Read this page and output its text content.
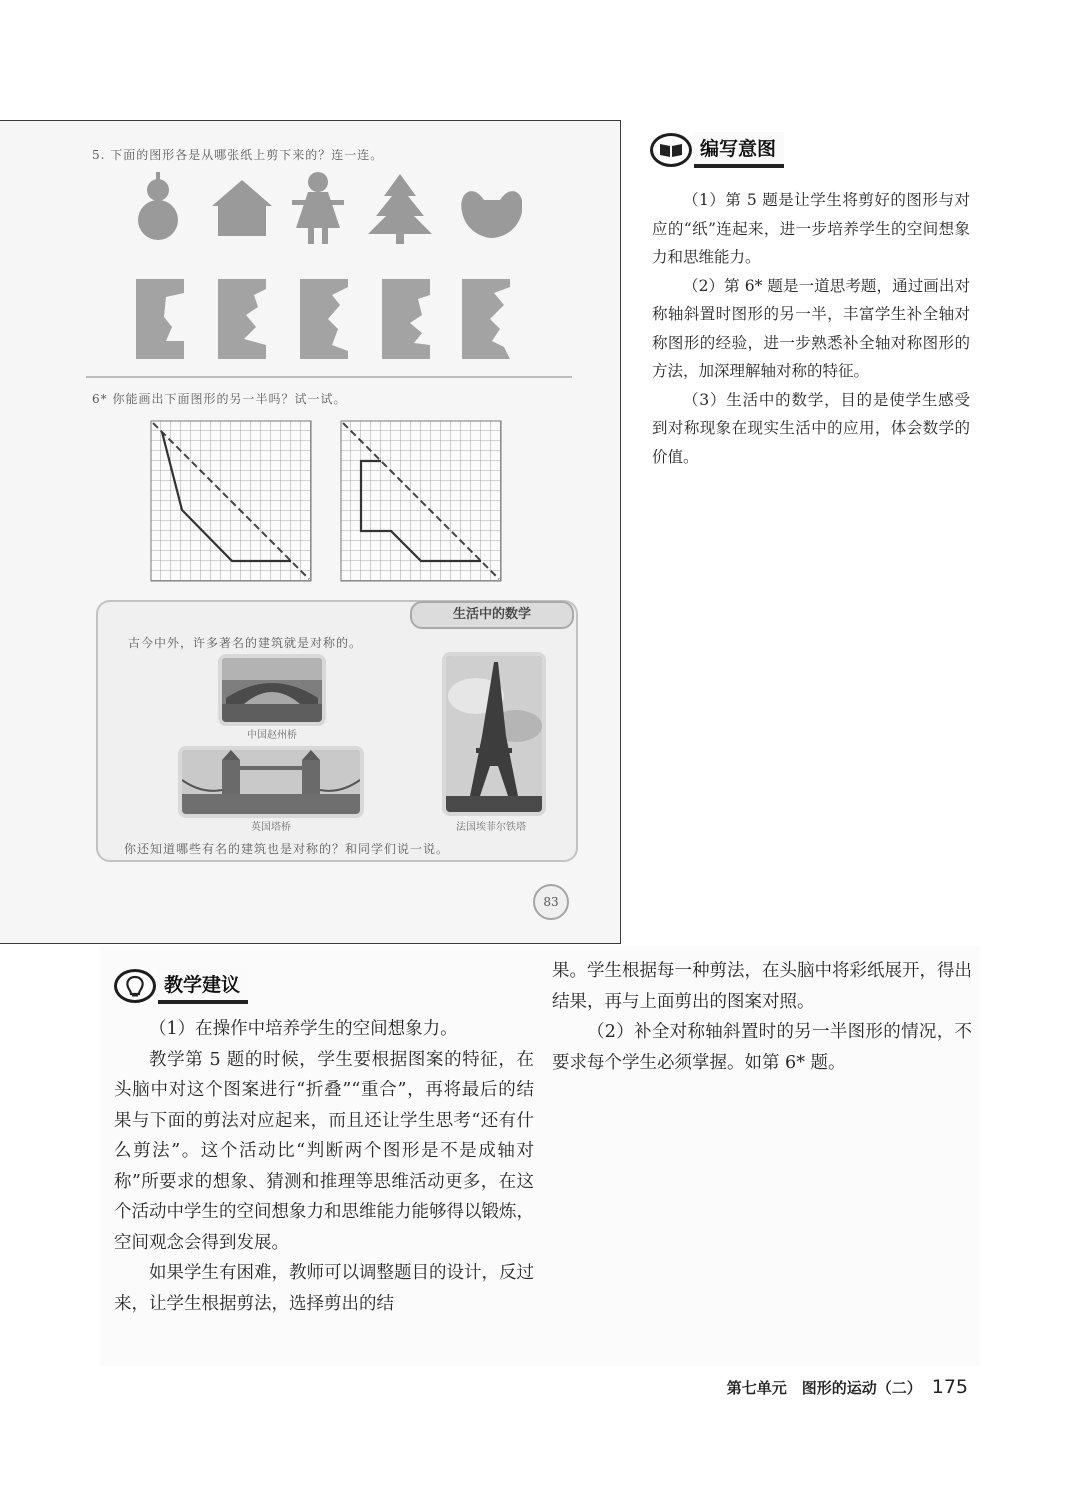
5. 下面的图形各是从哪张纸上剪下来的？连一连。
6* 你能画出下面图形的另一半吗？试一试。
生活中的数学
古今中外，许多著名的建筑就是对称的。
中国赵州桥
英国塔桥	法国埃菲尔铁塔
你还知道哪些有名的建筑也是对称的？和同学们说一说。
83
编写意图

（1）第 5 题是让学生将剪好的图形与对应的“纸”连起来，进一步培养学生的空间想象力和思维能力。

（2）第 6* 题是一道思考题，通过画出对称轴斜置时图形的另一半，丰富学生补全轴对称图形的经验，进一步熟悉补全轴对称图形的方法，加深理解轴对称的特征。

（3）生活中的数学，目的是使学生感受到对称现象在现实生活中的应用，体会数学的价值。

教学建议

（1）在操作中培养学生的空间想象力。

教学第 5 题的时候，学生要根据图案的特征，在头脑中对这个图案进行“折叠”“重合”，再将最后的结果与下面的剪法对应起来，而且还让学生思考“还有什么剪法”。这个活动比“判断两个图形是不是成轴对称”所要求的想象、猜测和推理等思维活动更多，在这个活动中学生的空间想象力和思维能力能够得以锻炼，空间观念会得到发展。

如果学生有困难，教师可以调整题目的设计，反过来，让学生根据剪法，选择剪出的结

果。学生根据每一种剪法，在头脑中将彩纸展开，得出结果，再与上面剪出的图案对照。

（2）补全对称轴斜置时的另一半图形的情况，不要求每个学生必须掌握。如第 6* 题。

第七单元　图形的运动（二） 175
